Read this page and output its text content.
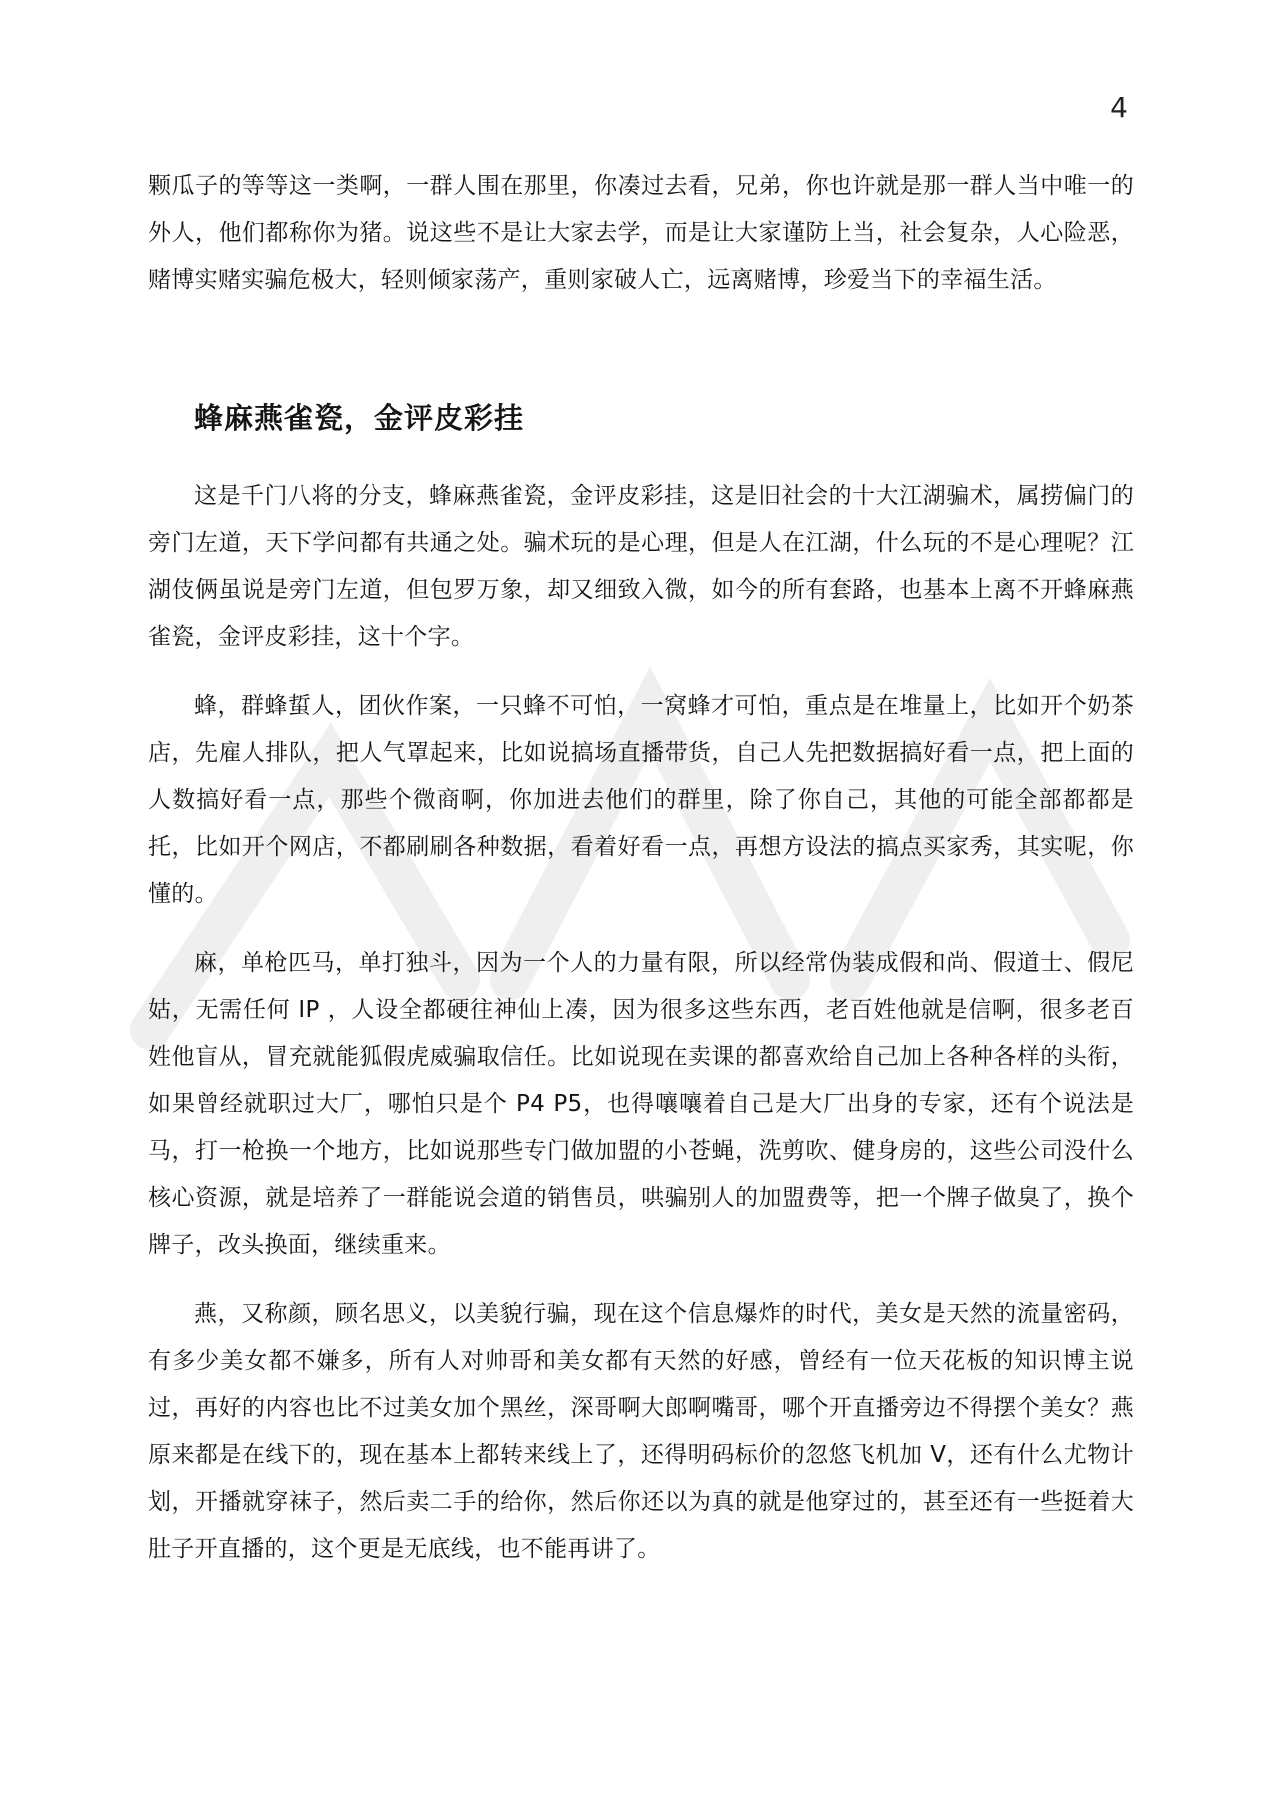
4

颗瓜子的等等这一类啊，一群人围在那里，你凑过去看，兄弟，你也许就是那一群人当中唯一的外人，他们都称你为猪。说这些不是让大家去学，而是让大家谨防上当，社会复杂，人心险恶，赌博实赌实骗危极大，轻则倾家荡产，重则家破人亡，远离赌博，珍爱当下的幸福生活。

蜂麻燕雀瓷，金评皮彩挂

这是千门八将的分支，蜂麻燕雀瓷，金评皮彩挂，这是旧社会的十大江湖骗术，属捞偏门的旁门左道，天下学问都有共通之处。骗术玩的是心理，但是人在江湖，什么玩的不是心理呢？江湖伎俩虽说是旁门左道，但包罗万象，却又细致入微，如今的所有套路，也基本上离不开蜂麻燕雀瓷，金评皮彩挂，这十个字。

蜂，群蜂蜇人，团伙作案，一只蜂不可怕，一窝蜂才可怕，重点是在堆量上，比如开个奶茶店，先雇人排队，把人气罩起来，比如说搞场直播带货，自己人先把数据搞好看一点，把上面的人数搞好看一点，那些个微商啊，你加进去他们的群里，除了你自己，其他的可能全部都都是托，比如开个网店，不都刷刷各种数据，看着好看一点，再想方设法的搞点买家秀，其实呢，你懂的。

麻，单枪匹马，单打独斗，因为一个人的力量有限，所以经常伪装成假和尚、假道士、假尼姑，无需任何 IP ，人设全都硬往神仙上凑，因为很多这些东西，老百姓他就是信啊，很多老百姓他盲从，冒充就能狐假虎威骗取信任。比如说现在卖课的都喜欢给自己加上各种各样的头衔，如果曾经就职过大厂，哪怕只是个 P4 P5，也得嚷嚷着自己是大厂出身的专家，还有个说法是马，打一枪换一个地方，比如说那些专门做加盟的小苍蝇，洗剪吹、健身房的，这些公司没什么核心资源，就是培养了一群能说会道的销售员，哄骗别人的加盟费等，把一个牌子做臭了，换个牌子，改头换面，继续重来。

燕，又称颜，顾名思义，以美貌行骗，现在这个信息爆炸的时代，美女是天然的流量密码，有多少美女都不嫌多，所有人对帅哥和美女都有天然的好感，曾经有一位天花板的知识博主说过，再好的内容也比不过美女加个黑丝，深哥啊大郎啊嘴哥，哪个开直播旁边不得摆个美女？燕原来都是在线下的，现在基本上都转来线上了，还得明码标价的忽悠飞机加 V，还有什么尤物计划，开播就穿袜子，然后卖二手的给你，然后你还以为真的就是他穿过的，甚至还有一些挺着大肚子开直播的，这个更是无底线，也不能再讲了。
